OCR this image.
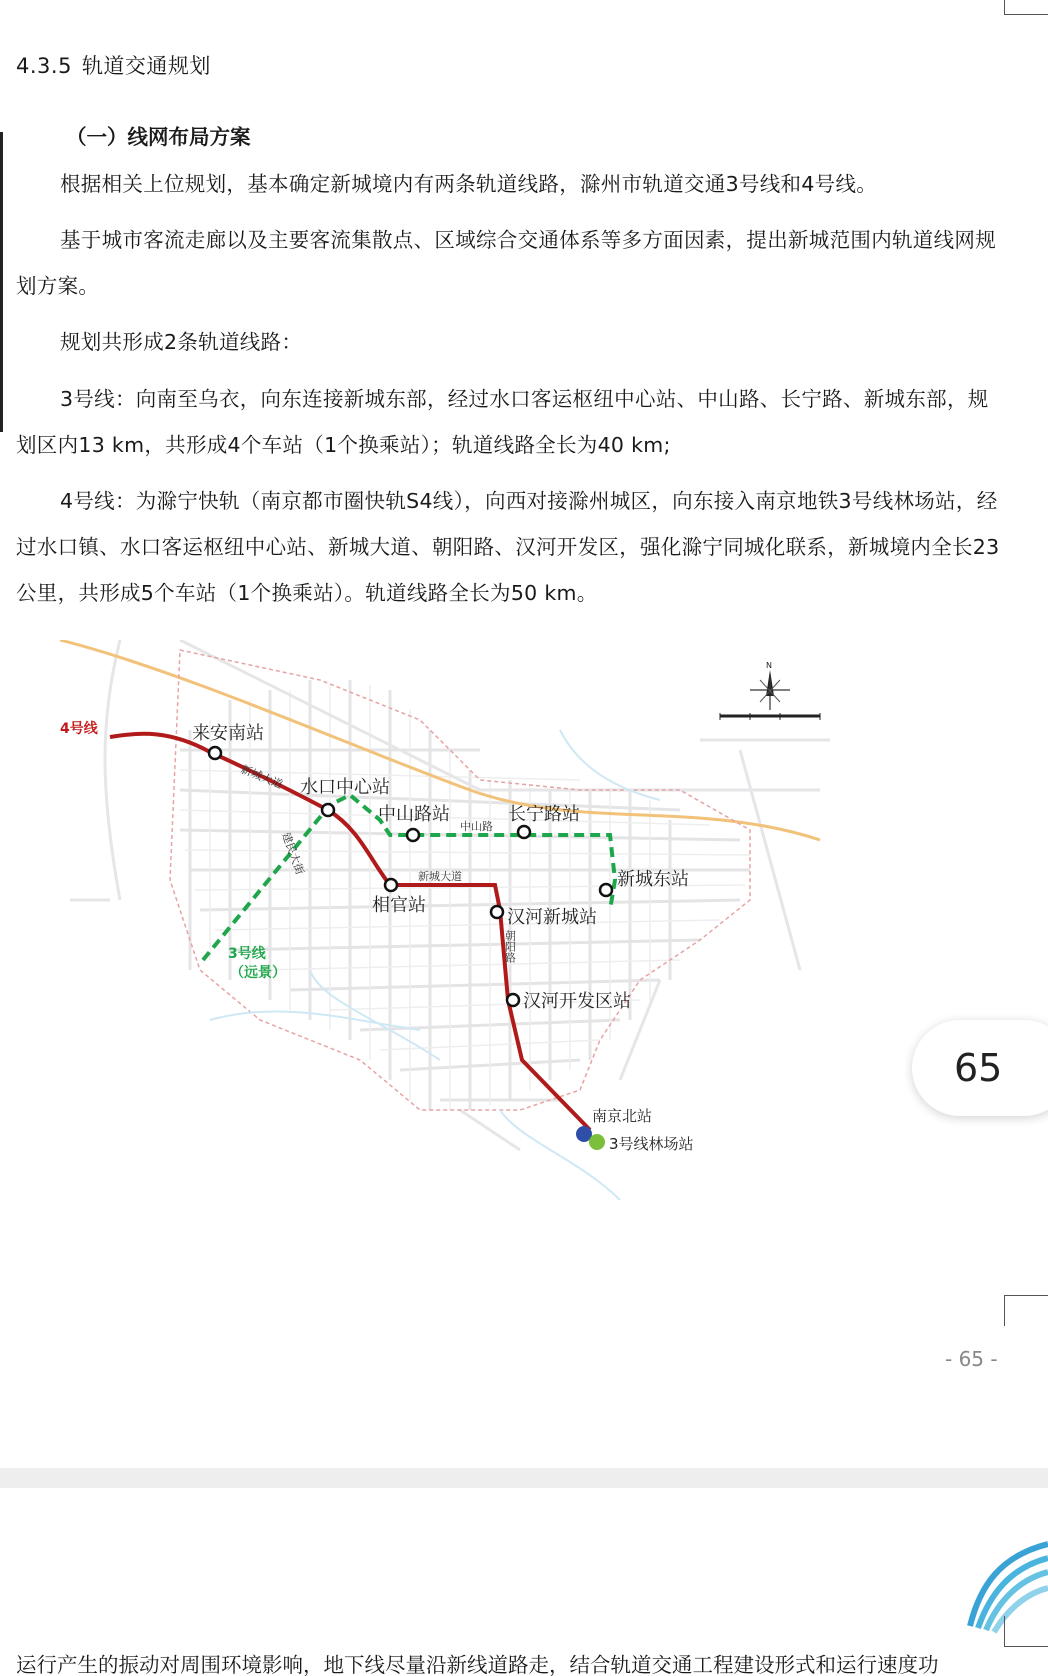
4.3.5 轨道交通规划
（一）线网布局方案
根据相关上位规划，基本确定新城境内有两条轨道线路，滁州市轨道交通3号线和4号线。
基于城市客流走廊以及主要客流集散点、区域综合交通体系等多方面因素，提出新城范围内轨道线网规划方案。
规划共形成2条轨道线路：
3号线：向南至乌衣，向东连接新城东部，经过水口客运枢纽中心站、中山路、长宁路、新城东部，规划区内13 km，共形成4个车站（1个换乘站）；轨道线路全长为40 km;
4号线：为滁宁快轨（南京都市圈快轨S4线），向西对接滁州城区，向东接入南京地铁3号线林场站，经过水口镇、水口客运枢纽中心站、新城大道、朝阳路、汉河开发区，强化滁宁同城化联系，新城境内全长23公里，共形成5个车站（1个换乘站）。轨道线路全长为50 km。
N
4号线
3号线
（远景）
来安南站
水口中心站
中山路站	长宁路站
新城东站
相官站
汉河新城站
汉河开发区站
南京北站
3号线林场站
新城大道
中山路
新城大道
朝阳路
建民大街
65
- 65 -
运行产生的振动对周围环境影响，地下线尽量沿新线道路走，结合轨道交通工程建设形式和运行速度功
